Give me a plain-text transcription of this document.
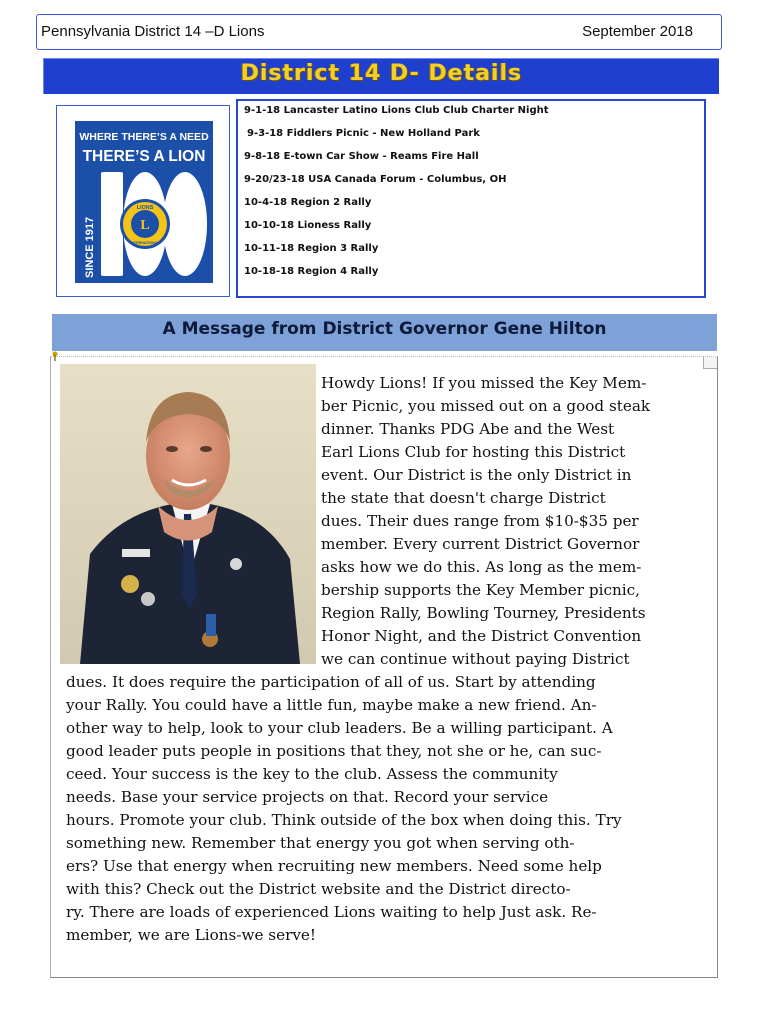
Pennsylvania District 14 –D Lions	September 2018
District 14 D- Details
WHERE THERE’S A NEED
THERE’S A LION
SINCE 1917	L
LIONS
INTERNATIONAL
9-1-18 Lancaster Latino Lions Club Club Charter Night
9-3-18 Fiddlers Picnic - New Holland Park
9-8-18 E-town Car Show - Reams Fire Hall
9-20/23-18 USA Canada Forum - Columbus, OH
10-4-18 Region 2 Rally
10-10-18 Lioness Rally
10-11-18 Region 3 Rally
10-18-18 Region 4 Rally
A Message from District Governor Gene Hilton
Howdy Lions! If you missed the Key Mem-
ber Picnic, you missed out on a good steak
dinner. Thanks PDG Abe and the West
Earl Lions Club for hosting this District
event. Our District is the only District in
the state that doesn't charge District
dues. Their dues range from $10-$35 per
member. Every current District Governor
asks how we do this. As long as the mem-
bership supports the Key Member picnic,
Region Rally, Bowling Tourney, Presidents
Honor Night, and the District Convention
we can continue without paying District
dues. It does require the participation of all of us. Start by attending
your Rally. You could have a little fun, maybe make a new friend. An-
other way to help, look to your club leaders. Be a willing participant. A
good leader puts people in positions that they, not she or he, can suc-
ceed. Your success is the key to the club. Assess the community
needs. Base your service projects on that. Record your service
hours. Promote your club. Think outside of the box when doing this. Try
something new. Remember that energy you got when serving oth-
ers? Use that energy when recruiting new members. Need some help
with this? Check out the District website and the District directo-
ry. There are loads of experienced Lions waiting to help Just ask. Re-
member, we are Lions-we serve!
